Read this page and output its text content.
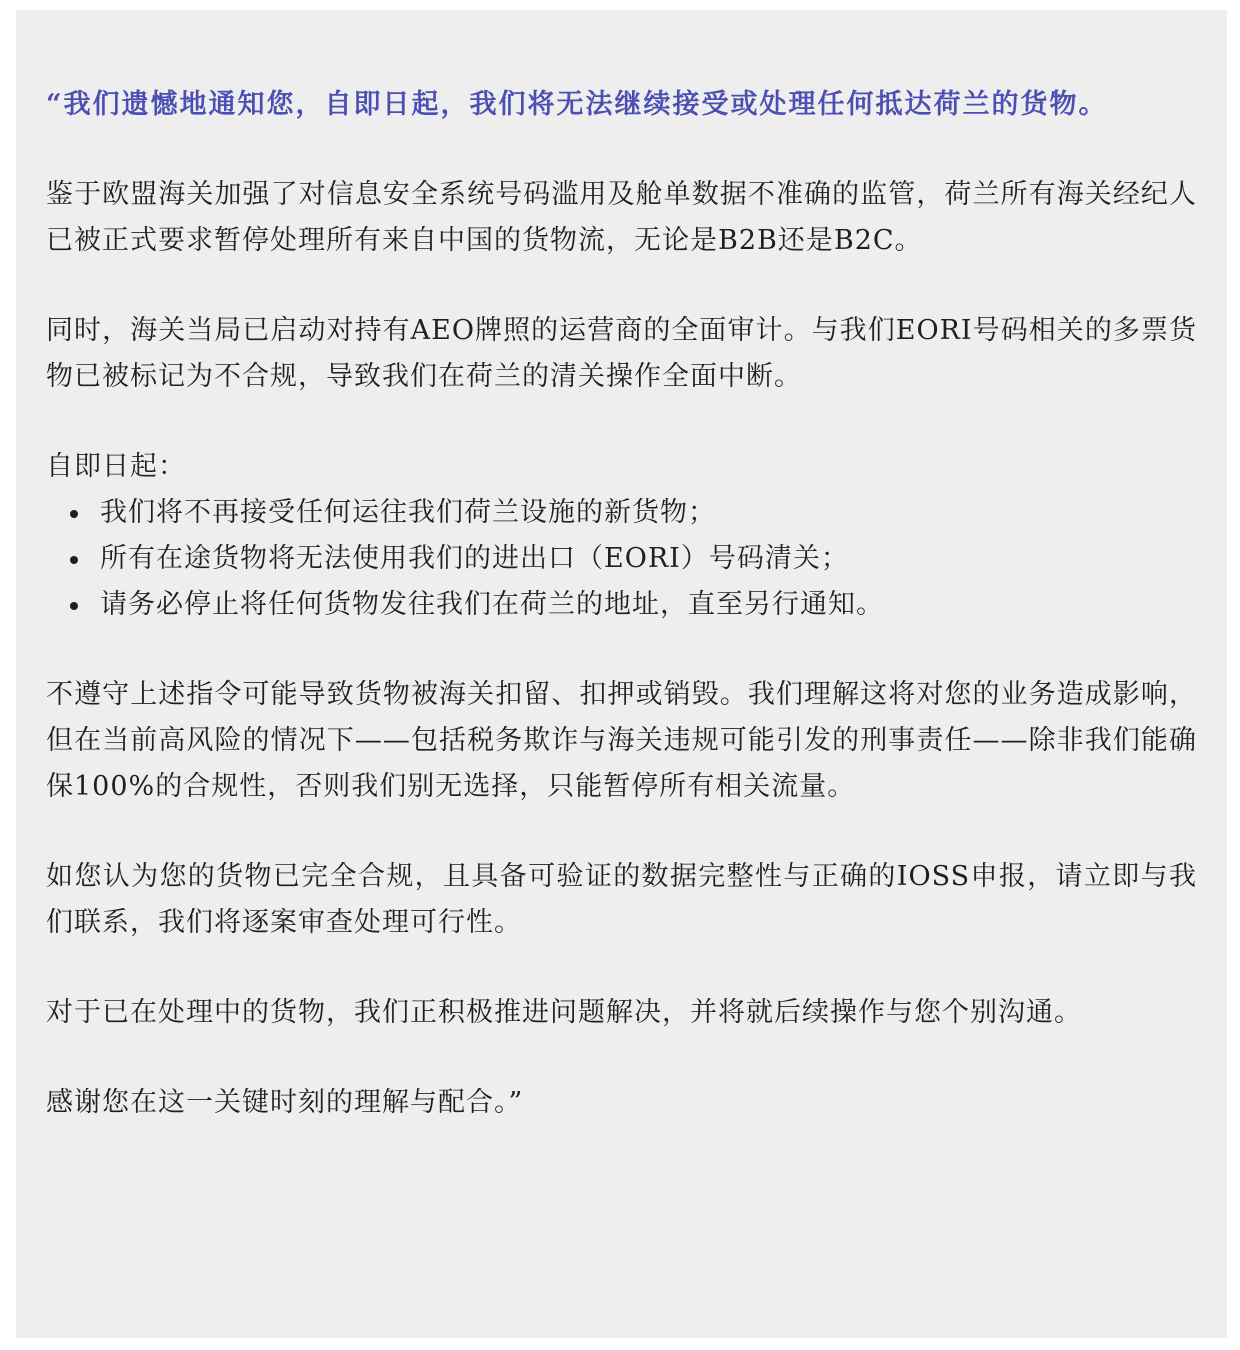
“我们遗憾地通知您，自即日起，我们将无法继续接受或处理任何抵达荷兰的货物。

鉴于欧盟海关加强了对信息安全系统号码滥用及舱单数据不准确的监管，荷兰所有海关经纪人已被正式要求暂停处理所有来自中国的货物流，无论是B2B还是B2C。

同时，海关当局已启动对持有AEO牌照的运营商的全面审计。与我们EORI号码相关的多票货物已被标记为不合规，导致我们在荷兰的清关操作全面中断。

自即日起：

我们将不再接受任何运往我们荷兰设施的新货物；
所有在途货物将无法使用我们的进出口（EORI）号码清关；
请务必停止将任何货物发往我们在荷兰的地址，直至另行通知。

不遵守上述指令可能导致货物被海关扣留、扣押或销毁。我们理解这将对您的业务造成影响，但在当前高风险的情况下——包括税务欺诈与海关违规可能引发的刑事责任——除非我们能确保100%的合规性，否则我们别无选择，只能暂停所有相关流量。

如您认为您的货物已完全合规，且具备可验证的数据完整性与正确的IOSS申报，请立即与我们联系，我们将逐案审查处理可行性。

对于已在处理中的货物，我们正积极推进问题解决，并将就后续操作与您个别沟通。

感谢您在这一关键时刻的理解与配合。”
